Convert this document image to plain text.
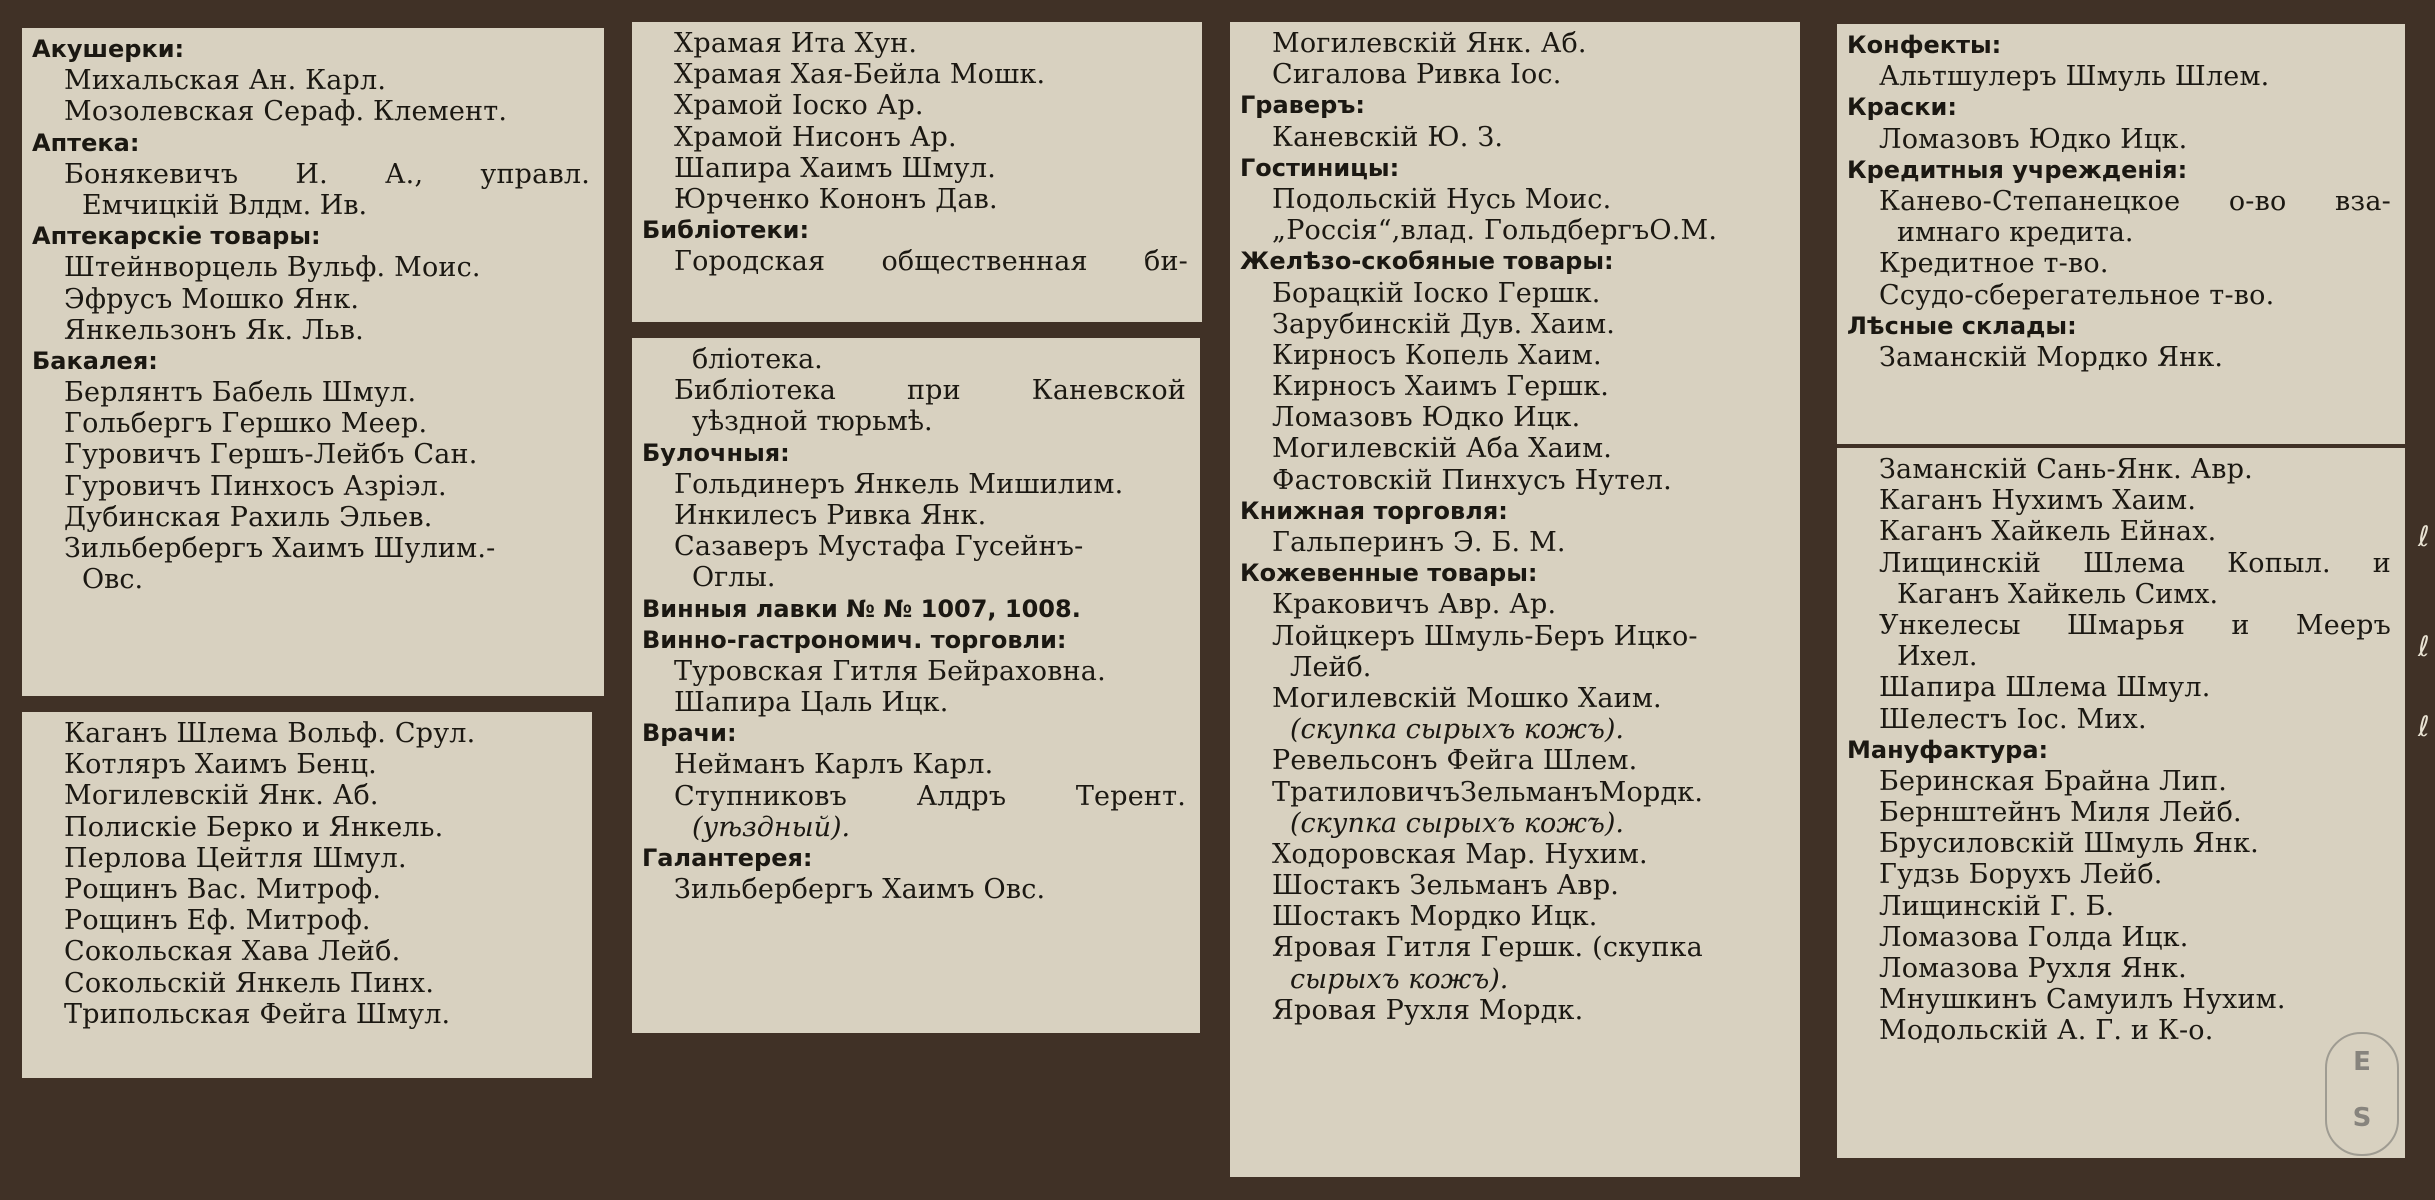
Акушерки:
Михальская Ан. Карл.
Мозолевская Сераф. Клемент.
Аптека:
Бонякевичъ И. А., управл.
Емчицкій Влдм. Ив.
Аптекарскіе товары:
Штейнворцель Вульф. Моис.
Эфрусъ Мошко Янк.
Янкельзонъ Як. Льв.
Бакалея:
Берлянтъ Бабель Шмул.
Гольбергъ Гершко Меер.
Гуровичъ Гершъ-Лейбъ Сан.
Гуровичъ Пинхосъ Азріэл.
Дубинская Рахиль Эльев.
Зильбербергъ Хаимъ Шулим.-
Овс.
Каганъ Шлема Вольф. Срул.
Котляръ Хаимъ Бенц.
Могилевскій Янк. Аб.
Полискіе Берко и Янкель.
Перлова Цейтля Шмул.
Рощинъ Вас. Митроф.
Рощинъ Еф. Митроф.
Сокольская Хава Лейб.
Сокольскій Янкель Пинх.
Трипольская Фейга Шмул.
Храмая Ита Хун.
Храмая Хая-Бейла Мошк.
Храмой Іоско Ар.
Храмой Нисонъ Ар.
Шапира Хаимъ Шмул.
Юрченко Кононъ Дав.
Библіотеки:
Городская общественная би-
бліотека.
Библіотека	при	Каневской
уѣздной тюрьмѣ.
Булочныя:
Гольдинеръ Янкель Мишилим.
Инкилесъ Ривка Янк.
Сазаверъ Мустафа Гусейнъ-
Оглы.
Винныя лавки № № 1007, 1008.
Винно-гастрономич. торговли:
Туровская Гитля Бейраховна.
Шапира Цаль Ицк.
Врачи:
Нейманъ Карлъ Карл.
Ступниковъ	Алдръ	Терент.
(уѣздный).
Галантерея:
Зильбербергъ Хаимъ Овс.
Могилевскій Янк. Аб.
Сигалова Ривка Іос.
Граверъ:
Каневскій Ю. З.
Гостиницы:
Подольскій Нусь Моис.
„Россія“,влад. ГольдбергъО.М.
Желѣзо-скобяные товары:
Борацкій Іоско Гершк.
Зарубинскій Дув. Хаим.
Кирносъ Копель Хаим.
Кирносъ Хаимъ Гершк.
Ломазовъ Юдко Ицк.
Могилевскій Аба Хаим.
Фастовскій Пинхусъ Нутел.
Книжная торговля:
Гальперинъ Э. Б. М.
Кожевенные товары:
Краковичъ Авр. Ар.
Лойцкеръ Шмуль-Беръ Ицко-
Лейб.
Могилевскій Мошко Хаим.
(скупка сырыхъ кожъ).
Ревельсонъ Фейга Шлем.
ТратиловичъЗельманъМордк.
(скупка сырыхъ кожъ).
Ходоровская Мар. Нухим.
Шостакъ Зельманъ Авр.
Шостакъ Мордко Ицк.
Яровая Гитля Гершк. (скупка
сырыхъ кожъ).
Яровая Рухля Мордк.
Конфекты:
Альтшулеръ Шмуль Шлем.
Краски:
Ломазовъ Юдко Ицк.
Кредитныя учрежденія:
Канево-Степанецкое о-во вза-
имнаго кредита.
Кредитное т-во.
Ссудо-сберегательное т-во.
Лѣсные склады:
Заманскій Мордко Янк.
Заманскій Сань-Янк. Авр.
Каганъ Нухимъ Хаим.
Каганъ Хайкель Ейнах.
Лищинскій Шлема Копыл. и
Каганъ Хайкель Симх.
Ункелесы Шмарья и Мееръ
Ихел.
Шапира Шлема Шмул.
Шелестъ Іос. Мих.
Мануфактура:
Беринская Брайна Лип.
Бернштейнъ Миля Лейб.
Брусиловскій Шмуль Янк.
Гудзь Борухъ Лейб.
Лищинскій Г. Б.
Ломазова Голда Ицк.
Ломазова Рухля Янк.
Мнушкинъ Самуилъ Нухим.
Модольскій А. Г. и К-о.
ℓ
ℓ
ℓ
E
S
